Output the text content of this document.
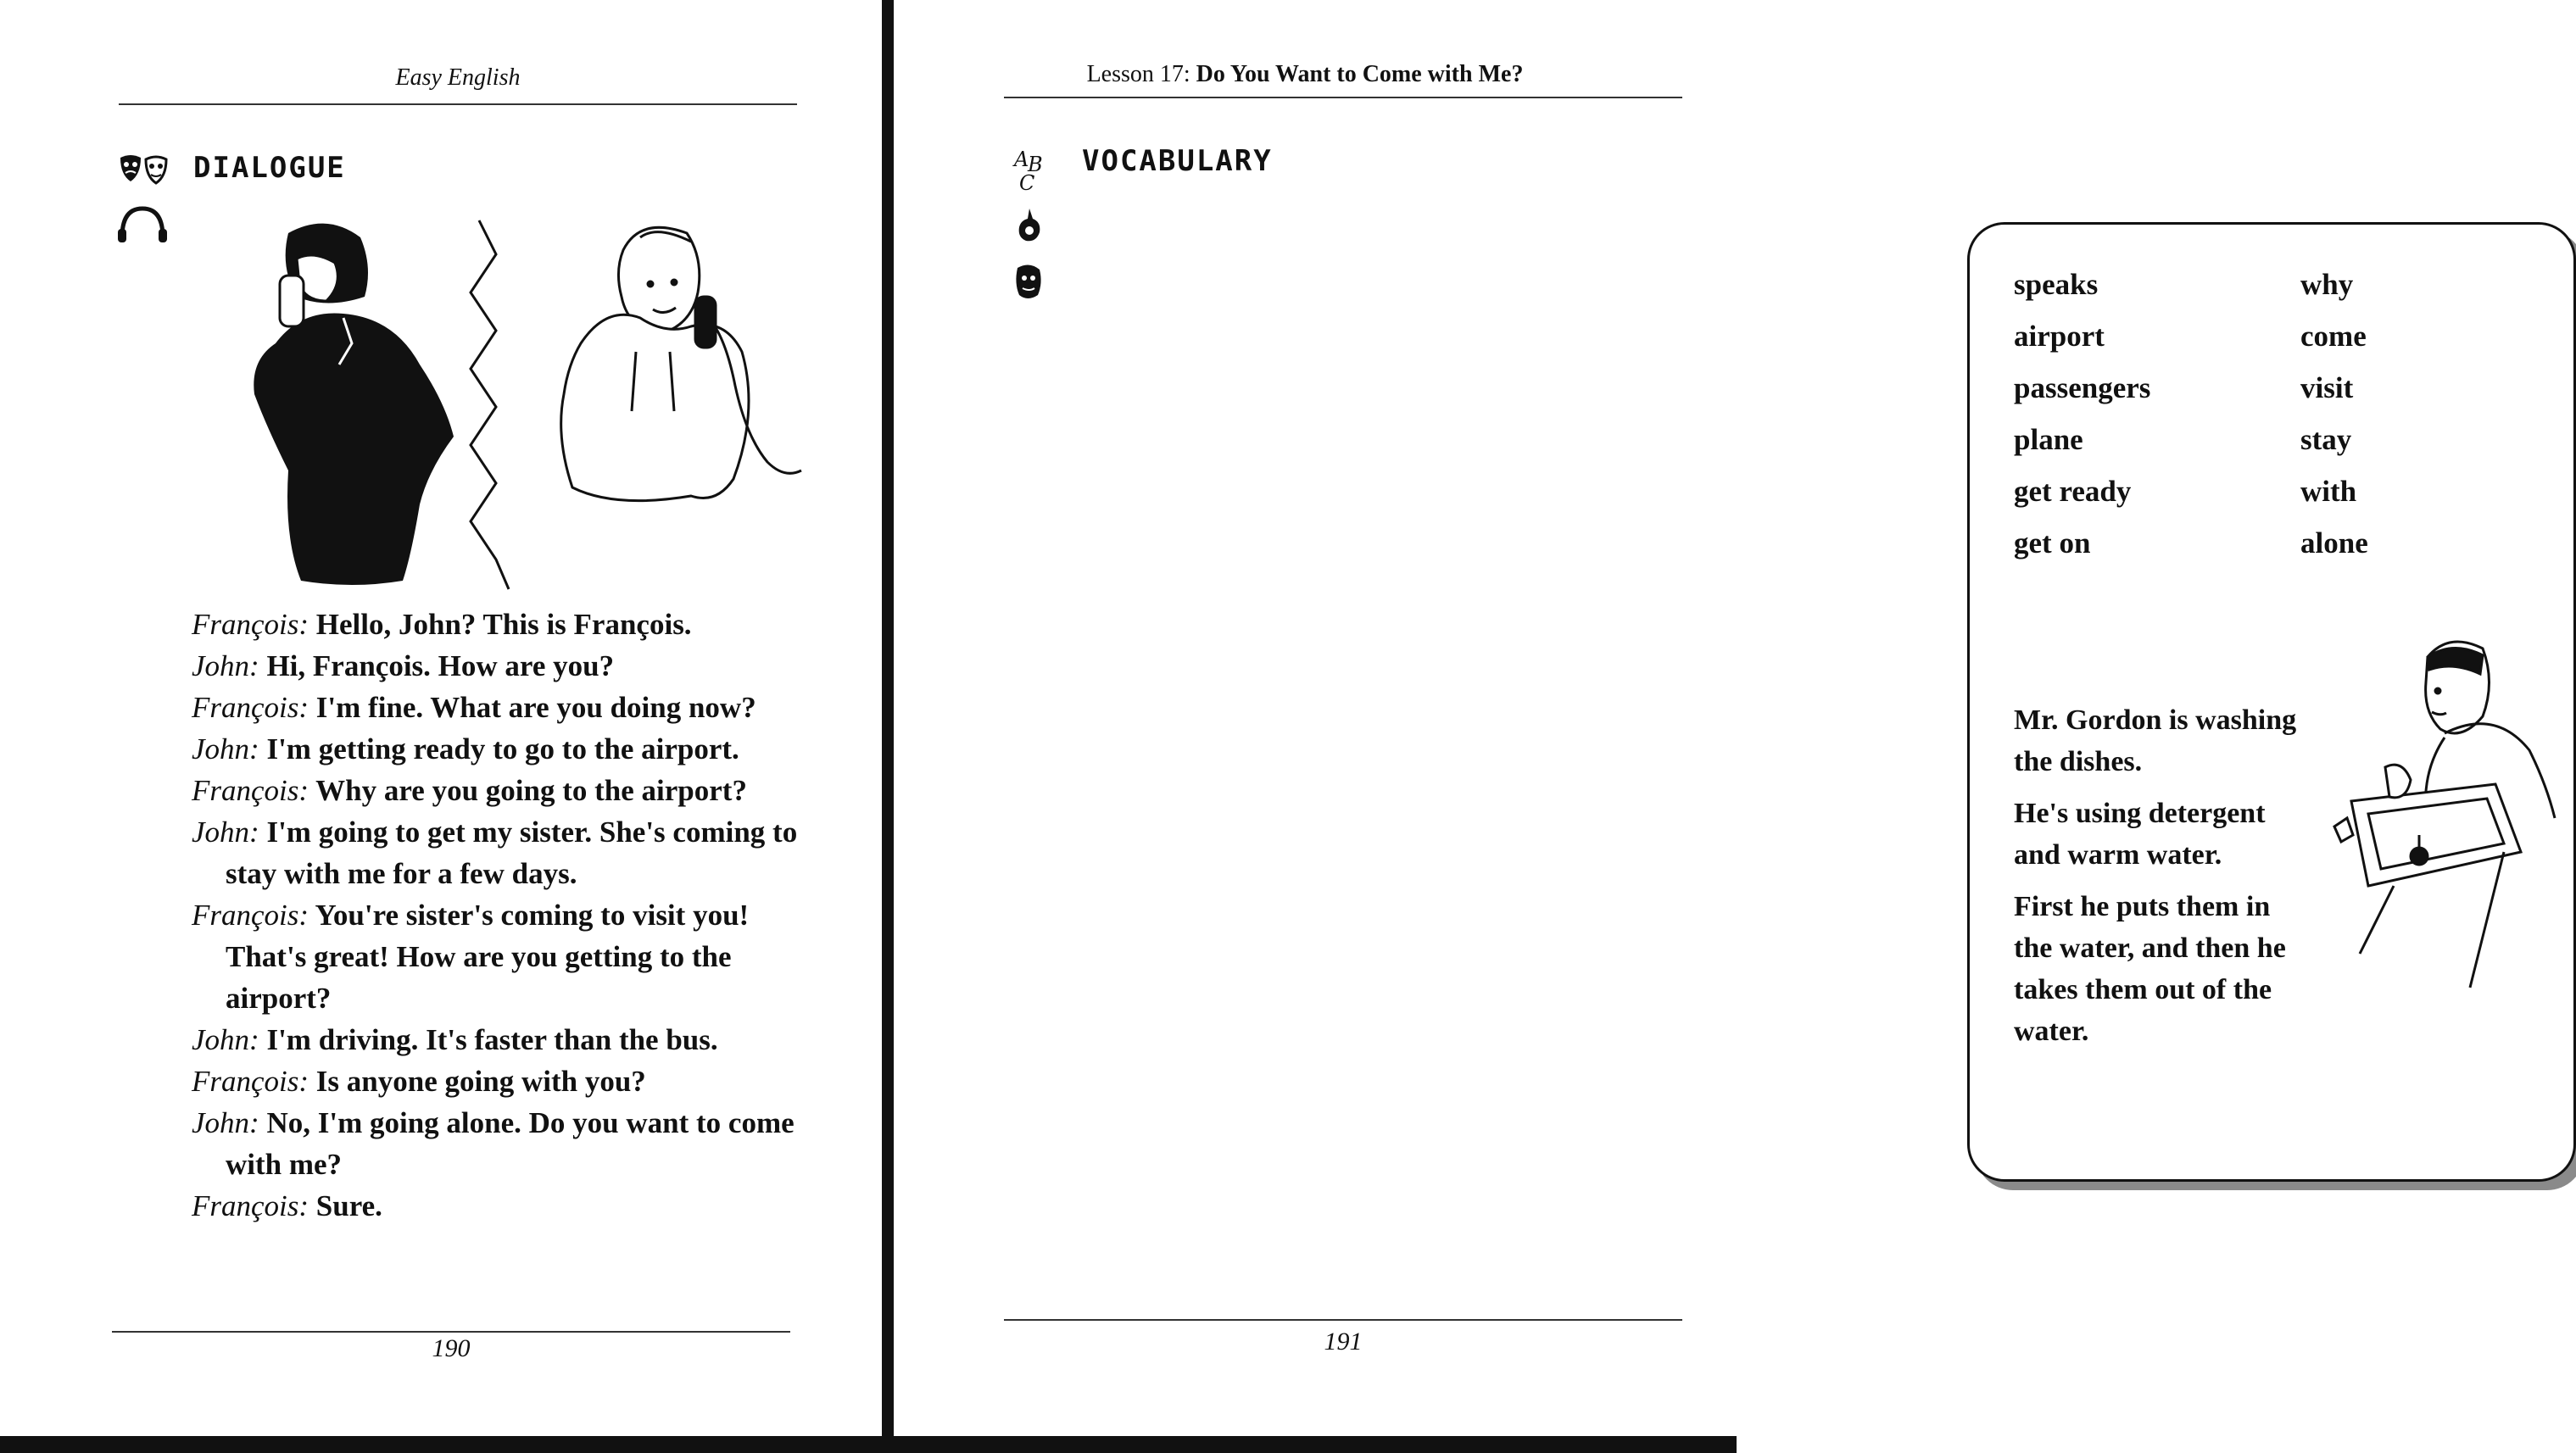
Easy English
DIALOGUE

François: Hello, John? This is François.

John: Hi, François. How are you?

François: I'm fine. What are you doing now?

John: I'm getting ready to go to the airport.

François: Why are you going to the airport?

John: I'm going to get my sister. She's coming to stay with me for a few days.

François: You're sister's coming to visit you! That's great! How are you getting to the airport?

John: I'm driving. It's faster than the bus.

François: Is anyone going with you?

John: No, I'm going alone. Do you want to come with me?

François: Sure.

190
Lesson 17: Do You Want to Come with Me?
A
B
C
VOCABULARY
speaks
airport
passengers
plane
get ready
get on
why
come
visit
stay
with
alone

Mr. Gordon is washing the dishes.

He's using detergent and warm water.

First he puts them in the water, and then he takes them out of the water.

191
